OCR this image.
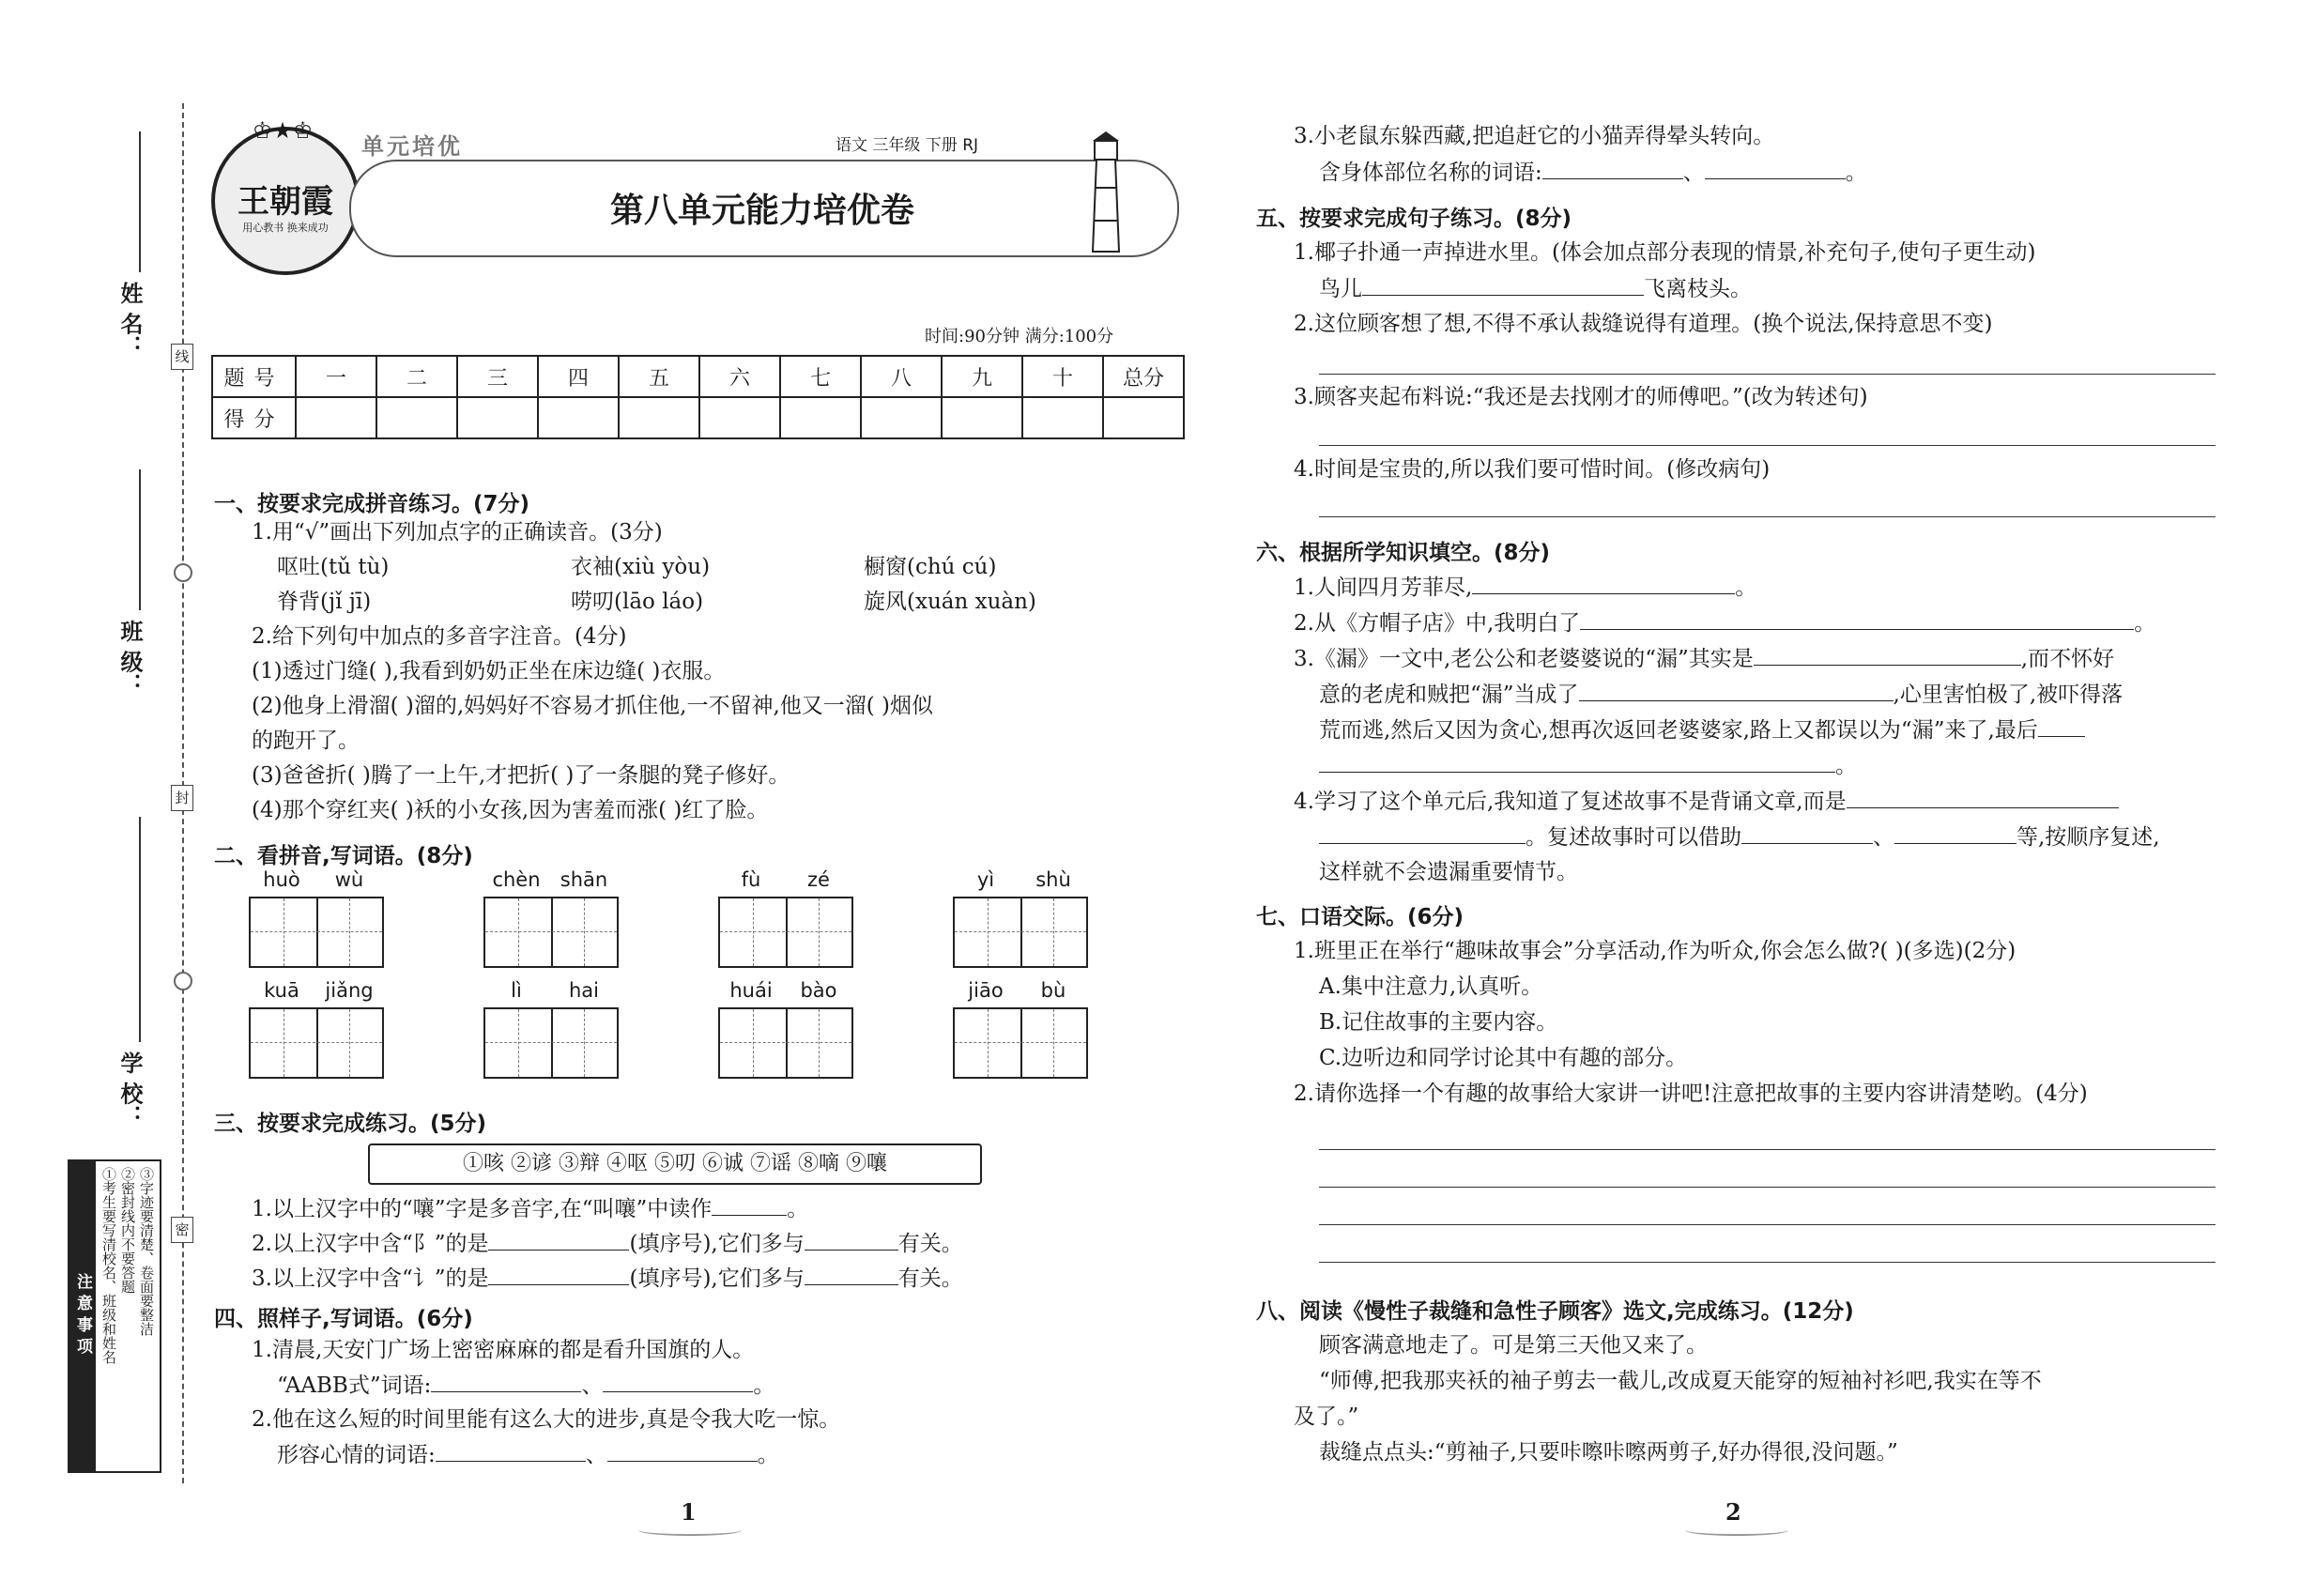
姓 名：
班 级：
学 校：
线
封
密
注意事项 ①考生要写清校名、班级和姓名 ②密封线内不要答题 ③字迹要清楚、卷面要整洁
♔★♔
王朝霞
用心教书 换来成功
单元培优	语文 三年级 下册 RJ
第八单元能力培优卷
时间:90分钟 满分:100分
题号	一	二	三	四	五	六	七	八	九	十	总分
得分											
一、按要求完成拼音练习。(7分)
1.用“√”画出下列加点字的正确读音。(3分)
呕吐(tǔ tù)	衣袖(xiù yòu)	橱窗(chú cú)
脊背(jǐ jī)	唠叨(lāo láo)	旋风(xuán xuàn)
2.给下列句中加点的多音字注音。(4分)
(1)透过门缝( ),我看到奶奶正坐在床边缝( )衣服。
(2)他身上滑溜( )溜的,妈妈好不容易才抓住他,一不留神,他又一溜( )烟似
的跑开了。
(3)爸爸折( )腾了一上午,才把折( )了一条腿的凳子修好。
(4)那个穿红夹( )袄的小女孩,因为害羞而涨( )红了脸。
二、看拼音,写词语。(8分)
huò	wù	chèn	shān	fù	zé	yì	shù
kuā	jiǎng	lì	hai	huái	bào	jiāo	bù
三、按要求完成练习。(5分)
①咳 ②谚 ③辩 ④呕 ⑤叨 ⑥诚 ⑦谣 ⑧嘀 ⑨嚷
1.以上汉字中的“嚷”字是多音字,在“叫嚷”中读作	。
2.以上汉字中含“阝”的是	(填序号),它们多与	有关。
3.以上汉字中含“讠”的是	(填序号),它们多与	有关。
四、照样子,写词语。(6分)
1.清晨,天安门广场上密密麻麻的都是看升国旗的人。
“AABB式”词语:	、	。
2.他在这么短的时间里能有这么大的进步,真是令我大吃一惊。
形容心情的词语:	、	。
1
3.小老鼠东躲西藏,把追赶它的小猫弄得晕头转向。
含身体部位名称的词语:	、	。
五、按要求完成句子练习。(8分)
1.椰子扑通一声掉进水里。(体会加点部分表现的情景,补充句子,使句子更生动)
鸟儿	飞离枝头。
2.这位顾客想了想,不得不承认裁缝说得有道理。(换个说法,保持意思不变)
3.顾客夹起布料说:“我还是去找刚才的师傅吧。”(改为转述句)
4.时间是宝贵的,所以我们要可惜时间。(修改病句)
六、根据所学知识填空。(8分)
1.人间四月芳菲尽,	。
2.从《方帽子店》中,我明白了	。
3.《漏》一文中,老公公和老婆婆说的“漏”其实是	,而不怀好
意的老虎和贼把“漏”当成了	,心里害怕极了,被吓得落
荒而逃,然后又因为贪心,想再次返回老婆婆家,路上又都误以为“漏”来了,最后
。
4.学习了这个单元后,我知道了复述故事不是背诵文章,而是
。复述故事时可以借助	、	等,按顺序复述,
这样就不会遗漏重要情节。
七、口语交际。(6分)
1.班里正在举行“趣味故事会”分享活动,作为听众,你会怎么做?( )(多选)(2分)
A.集中注意力,认真听。
B.记住故事的主要内容。
C.边听边和同学讨论其中有趣的部分。
2.请你选择一个有趣的故事给大家讲一讲吧!注意把故事的主要内容讲清楚哟。(4分)
八、阅读《慢性子裁缝和急性子顾客》选文,完成练习。(12分)
顾客满意地走了。可是第三天他又来了。
“师傅,把我那夹袄的袖子剪去一截儿,改成夏天能穿的短袖衬衫吧,我实在等不
及了。”
裁缝点点头:“剪袖子,只要咔嚓咔嚓两剪子,好办得很,没问题。”
2
